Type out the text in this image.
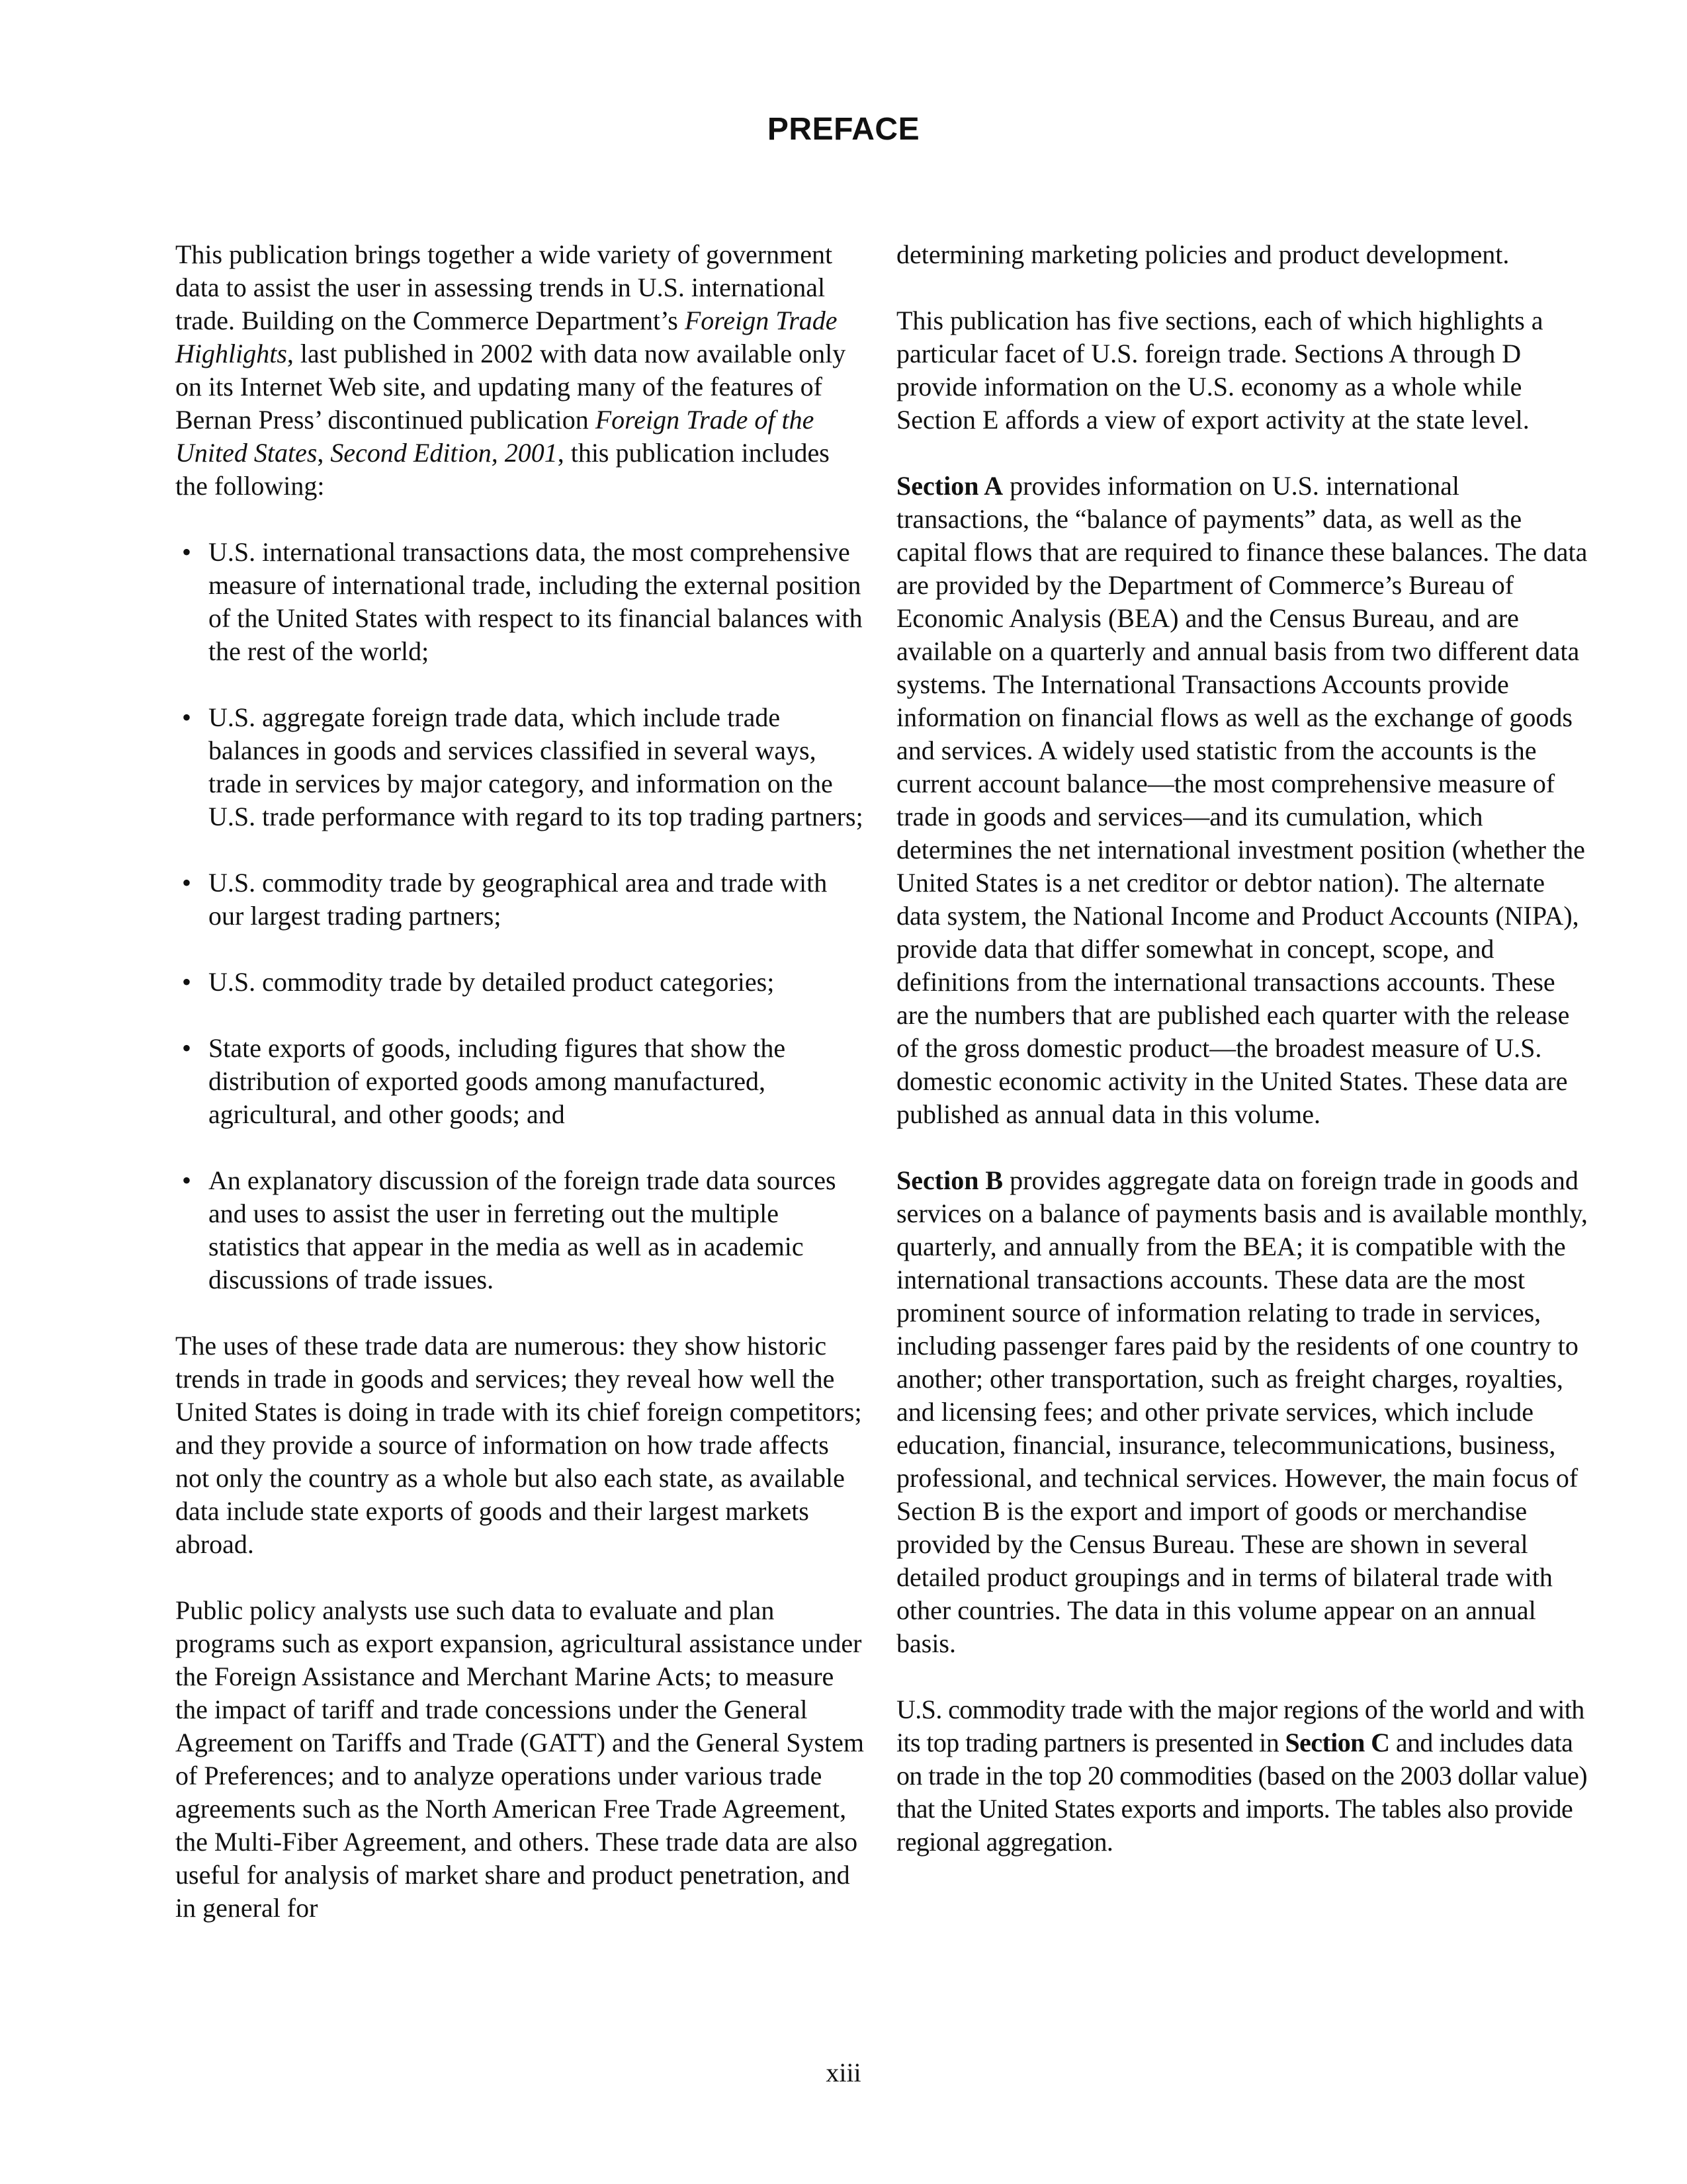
PREFACE

This publication brings together a wide variety of government data to assist the user in assessing trends in U.S. international trade. Building on the Commerce Department’s Foreign Trade Highlights, last published in 2002 with data now available only on its Internet Web site, and updating many of the features of Bernan Press’ discontinued publication Foreign Trade of the United States, Second Edition, 2001, this publication includes the following:

• U.S. international transactions data, the most comprehensive measure of international trade, including the external position of the United States with respect to its financial balances with the rest of the world;
• U.S. aggregate foreign trade data, which include trade balances in goods and services classified in several ways, trade in services by major category, and information on the U.S. trade performance with regard to its top trading partners;
• U.S. commodity trade by geographical area and trade with our largest trading partners;
• U.S. commodity trade by detailed product categories;
• State exports of goods, including figures that show the distribution of exported goods among manufactured, agricultural, and other goods; and
• An explanatory discussion of the foreign trade data sources and uses to assist the user in ferreting out the multiple statistics that appear in the media as well as in academic discussions of trade issues.

The uses of these trade data are numerous: they show historic trends in trade in goods and services; they reveal how well the United States is doing in trade with its chief foreign competitors; and they provide a source of information on how trade affects not only the country as a whole but also each state, as available data include state exports of goods and their largest markets abroad.

Public policy analysts use such data to evaluate and plan programs such as export expansion, agricultural assistance under the Foreign Assistance and Merchant Marine Acts; to measure the impact of tariff and trade concessions under the General Agreement on Tariffs and Trade (GATT) and the General System of Preferences; and to analyze operations under various trade agreements such as the North American Free Trade Agreement, the Multi-Fiber Agreement, and others. These trade data are also useful for analysis of market share and product penetration, and in general for

determining marketing policies and product development.

This publication has five sections, each of which highlights a particular facet of U.S. foreign trade. Sections A through D provide information on the U.S. economy as a whole while Section E affords a view of export activity at the state level.

Section A provides information on U.S. international transactions, the “balance of payments” data, as well as the capital flows that are required to finance these balances. The data are provided by the Department of Commerce’s Bureau of Economic Analysis (BEA) and the Census Bureau, and are available on a quarterly and annual basis from two different data systems. The International Transactions Accounts provide information on financial flows as well as the exchange of goods and services. A widely used statistic from the accounts is the current account balance—the most comprehensive measure of trade in goods and services—and its cumulation, which determines the net international investment position (whether the United States is a net creditor or debtor nation). The alternate data system, the National Income and Product Accounts (NIPA), provide data that differ somewhat in concept, scope, and definitions from the international transactions accounts. These are the numbers that are published each quarter with the release of the gross domestic product—the broadest measure of U.S. domestic economic activity in the United States. These data are published as annual data in this volume.

Section B provides aggregate data on foreign trade in goods and services on a balance of payments basis and is available monthly, quarterly, and annually from the BEA; it is compatible with the international transactions accounts. These data are the most prominent source of information relating to trade in services, including passenger fares paid by the residents of one country to another; other transportation, such as freight charges, royalties, and licensing fees; and other private services, which include education, financial, insurance, telecommunications, business, professional, and technical services. However, the main focus of Section B is the export and import of goods or merchandise provided by the Census Bureau. These are shown in several detailed product groupings and in terms of bilateral trade with other countries. The data in this volume appear on an annual basis.

U.S. commodity trade with the major regions of the world and with its top trading partners is presented in Section C and includes data on trade in the top 20 commodities (based on the 2003 dollar value) that the United States exports and imports. The tables also provide regional aggregation.

xiii
